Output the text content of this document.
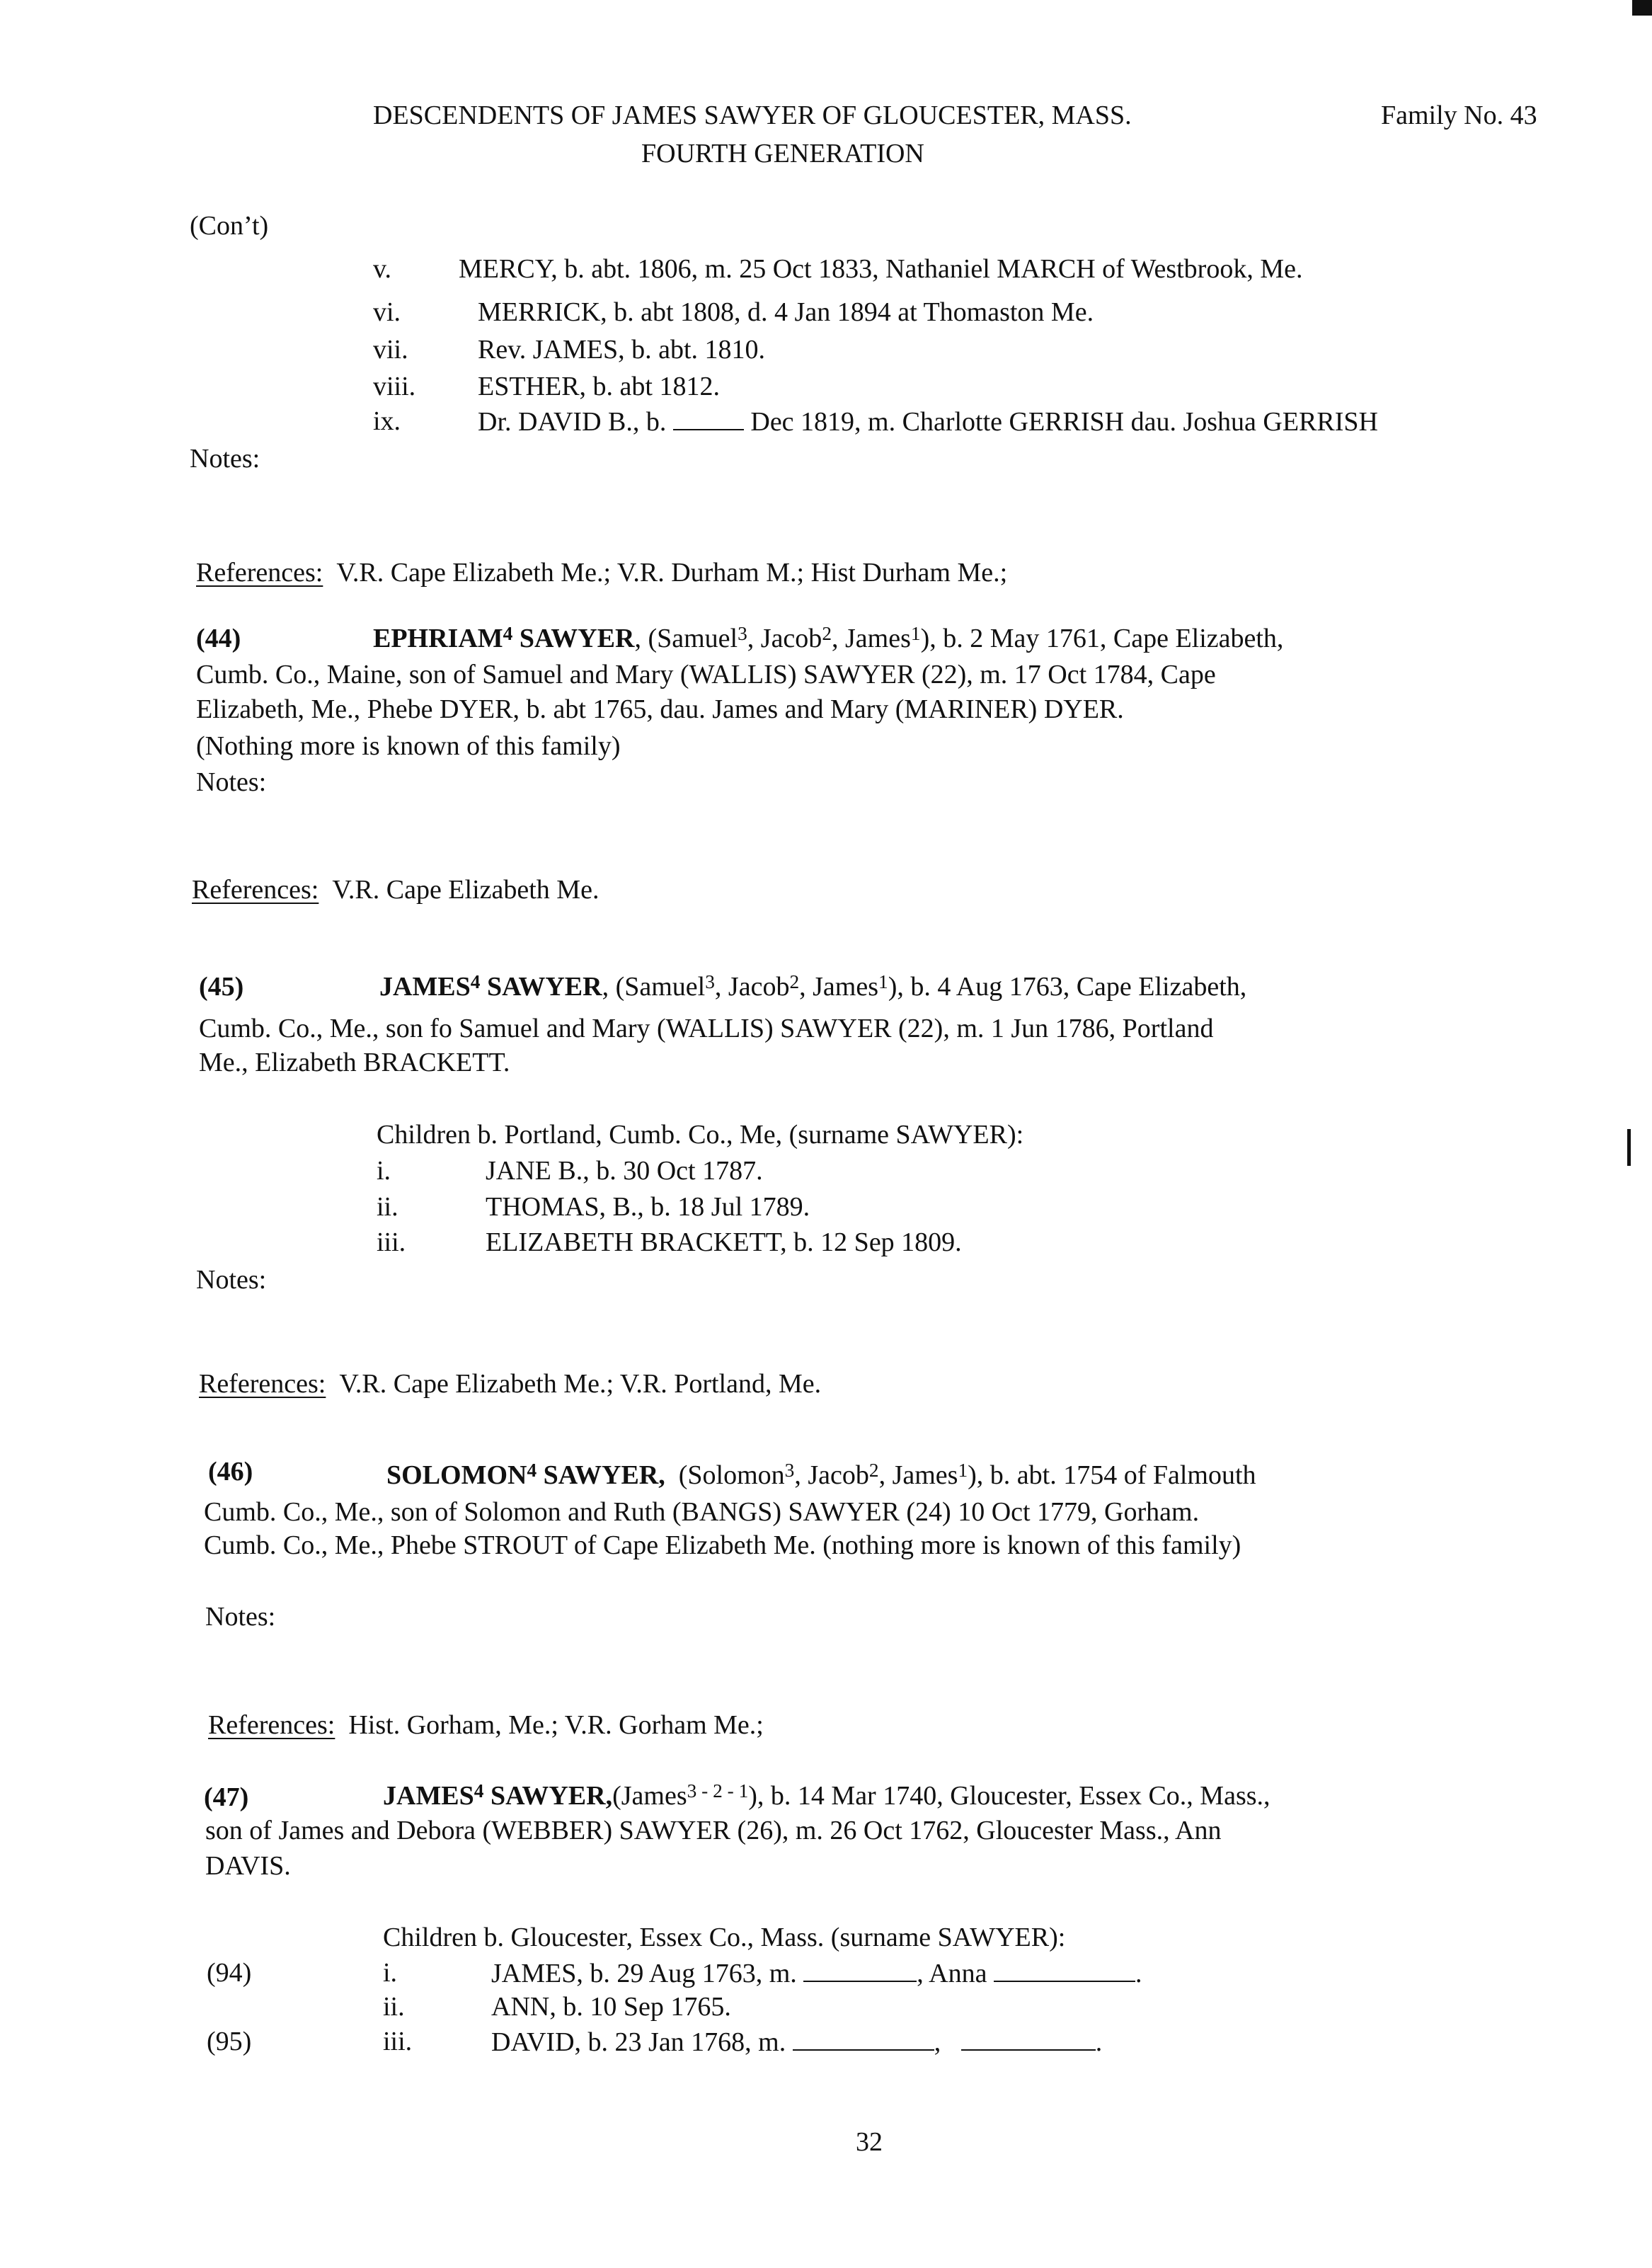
DESCENDENTS OF JAMES SAWYER OF GLOUCESTER, MASS.	Family No. 43
FOURTH GENERATION
(Con’t)
v. MERCY, b. abt. 1806, m. 25 Oct 1833, Nathaniel MARCH of Westbrook, Me.
vi.	MERRICK, b. abt 1808, d. 4 Jan 1894 at Thomaston Me.
vii.	Rev. JAMES, b. abt. 1810.
viii. ESTHER, b. abt 1812.
ix.	Dr. DAVID B., b.	Dec 1819, m. Charlotte GERRISH dau. Joshua GERRISH
Notes:
References: V.R. Cape Elizabeth Me.; V.R. Durham M.; Hist Durham Me.;
(44)	EPHRIAM$^4$ SAWYER, (Samuel$^3$, Jacob$^2$, James$^1$), b. 2 May 1761, Cape Elizabeth,
Cumb. Co., Maine, son of Samuel and Mary (WALLIS) SAWYER (22), m. 17 Oct 1784, Cape
Elizabeth, Me., Phebe DYER, b. abt 1765, dau. James and Mary (MARINER) DYER.
(Nothing more is known of this family)
Notes:
References: V.R. Cape Elizabeth Me.
(45)	JAMES$^4$ SAWYER, (Samuel$^3$, Jacob$^2$, James$^1$), b. 4 Aug 1763, Cape Elizabeth,
Cumb. Co., Me., son fo Samuel and Mary (WALLIS) SAWYER (22), m. 1 Jun 1786, Portland
Me., Elizabeth BRACKETT.
Children b. Portland, Cumb. Co., Me, (surname SAWYER):
i.	JANE B., b. 30 Oct 1787.
ii.	THOMAS, B., b. 18 Jul 1789.
iii.	ELIZABETH BRACKETT, b. 12 Sep 1809.
Notes:
References: V.R. Cape Elizabeth Me.; V.R. Portland, Me.
(46)	SOLOMON$^4$ SAWYER, (Solomon$^3$, Jacob$^2$, James$^1$), b. abt. 1754 of Falmouth
Cumb. Co., Me., son of Solomon and Ruth (BANGS) SAWYER (24) 10 Oct 1779, Gorham.
Cumb. Co., Me., Phebe STROUT of Cape Elizabeth Me. (nothing more is known of this family)
Notes:
References: Hist. Gorham, Me.; V.R. Gorham Me.;
(47)	JAMES$^4$ SAWYER,(James$^{3 - 2 - 1}$), b. 14 Mar 1740, Gloucester, Essex Co., Mass.,
son of James and Debora (WEBBER) SAWYER (26), m. 26 Oct 1762, Gloucester Mass., Ann
DAVIS.
Children b. Gloucester, Essex Co., Mass. (surname SAWYER):
(94)	i.	JAMES, b. 29 Aug 1763, m.	, Anna	.
ii.	ANN, b. 10 Sep 1765.
(95)	iii.	DAVID, b. 23 Jan 1768, m.	,	.
32
